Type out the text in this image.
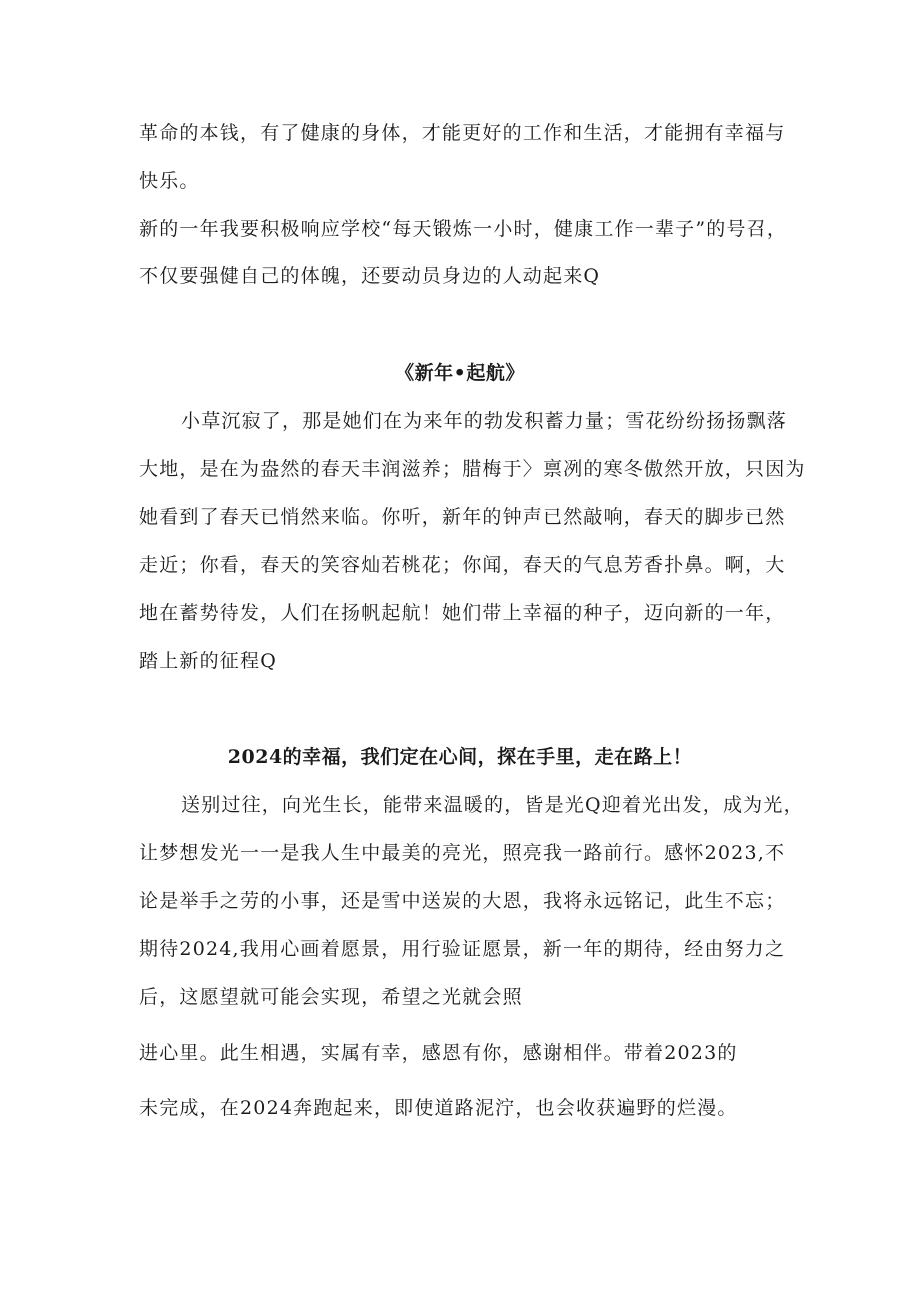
革命的本钱，有了健康的身体，才能更好的工作和生活，才能拥有幸福与
快乐。
新的一年我要积极响应学校“每天锻炼一小时，健康工作一辈子”的号召，
不仅要强健自己的体魄，还要动员身边的人动起来Q
《新年•起航》
小草沉寂了，那是她们在为来年的勃发积蓄力量；雪花纷纷扬扬飘落
大地，是在为盎然的春天丰润滋养；腊梅于〉禀冽的寒冬傲然开放，只因为
她看到了春天已悄然来临。你听，新年的钟声已然敲响，春天的脚步已然
走近；你看，春天的笑容灿若桃花；你闻，春天的气息芳香扑鼻。啊，大
地在蓄势待发，人们在扬帆起航！她们带上幸福的种子，迈向新的一年，
踏上新的征程Q
2024的幸福，我们定在心间，探在手里，走在路上！
送别过往，向光生长，能带来温暖的，皆是光Q迎着光出发，成为光，
让梦想发光一一是我人生中最美的亮光，照亮我一路前行。感怀2023,不
论是举手之劳的小事，还是雪中送炭的大恩，我将永远铭记，此生不忘；
期待2024,我用心画着愿景，用行验证愿景，新一年的期待，经由努力之
后，这愿望就可能会实现，希望之光就会照
进心里。此生相遇，实属有幸，感恩有你，感谢相伴。带着2023的
未完成，在2024奔跑起来，即使道路泥泞，也会收获遍野的烂漫。
